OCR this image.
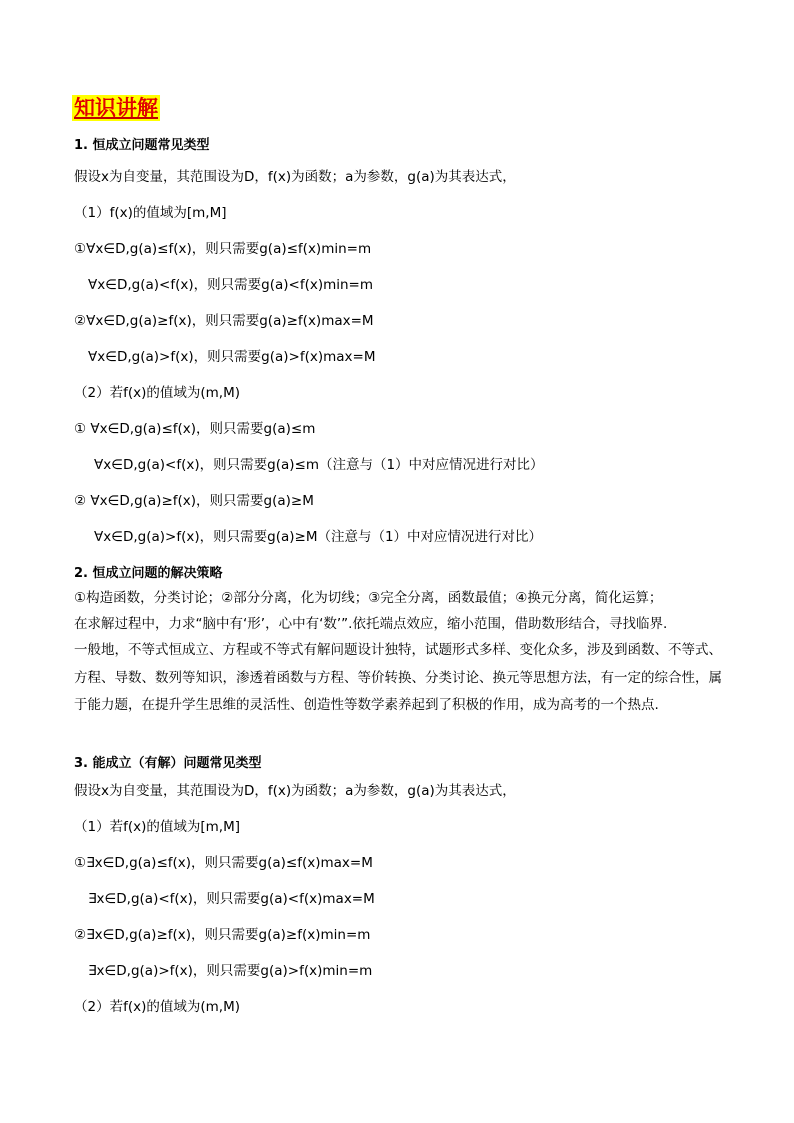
知识讲解
1. 恒成立问题常见类型
假设x为自变量，其范围设为D，f(x)为函数；a为参数，g(a)为其表达式，
（1）f(x)的值域为[m,M]
①∀x∈D,g(a)≤f(x)，则只需要g(a)≤f(x)min=m
∀x∈D,g(a)<f(x)，则只需要g(a)<f(x)min=m
②∀x∈D,g(a)≥f(x)，则只需要g(a)≥f(x)max=M
∀x∈D,g(a)>f(x)，则只需要g(a)>f(x)max=M
（2）若f(x)的值域为(m,M)
① ∀x∈D,g(a)≤f(x)，则只需要g(a)≤m
∀x∈D,g(a)<f(x)，则只需要g(a)≤m（注意与（1）中对应情况进行对比）
② ∀x∈D,g(a)≥f(x)，则只需要g(a)≥M
∀x∈D,g(a)>f(x)，则只需要g(a)≥M（注意与（1）中对应情况进行对比）
2. 恒成立问题的解决策略
①构造函数，分类讨论；②部分分离，化为切线；③完全分离，函数最值；④换元分离，简化运算；
在求解过程中，力求“脑中有‘形’，心中有‘数’”.依托端点效应，缩小范围，借助数形结合，寻找临界.
一般地，不等式恒成立、方程或不等式有解问题设计独特，试题形式多样、变化众多，涉及到函数、不等式、方程、导数、数列等知识，渗透着函数与方程、等价转换、分类讨论、换元等思想方法，有一定的综合性，属于能力题，在提升学生思维的灵活性、创造性等数学素养起到了积极的作用，成为高考的一个热点.
3. 能成立（有解）问题常见类型
假设x为自变量，其范围设为D，f(x)为函数；a为参数，g(a)为其表达式，
（1）若f(x)的值域为[m,M]
①∃x∈D,g(a)≤f(x)，则只需要g(a)≤f(x)max=M
∃x∈D,g(a)<f(x)，则只需要g(a)<f(x)max=M
②∃x∈D,g(a)≥f(x)，则只需要g(a)≥f(x)min=m
∃x∈D,g(a)>f(x)，则只需要g(a)>f(x)min=m
（2）若f(x)的值域为(m,M)
